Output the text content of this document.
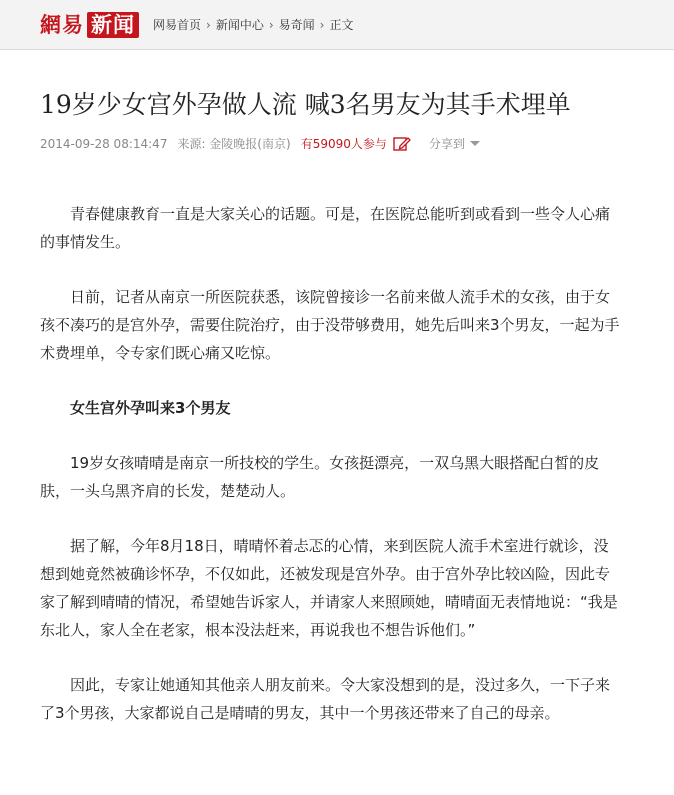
網易 新闻	网易首页 › 新闻中心 › 易奇闻 › 正文
19岁少女宫外孕做人流 喊3名男友为其手术埋单
2014-09-28 08:14:47 来源: 金陵晚报(南京) 有59090人参与	分享到

青春健康教育一直是大家关心的话题。可是，在医院总能听到或看到一些令人心痛的事情发生。

日前，记者从南京一所医院获悉，该院曾接诊一名前来做人流手术的女孩，由于女孩不凑巧的是宫外孕，需要住院治疗，由于没带够费用，她先后叫来3个男友，一起为手术费埋单，令专家们既心痛又吃惊。

女生宫外孕叫来3个男友

19岁女孩晴晴是南京一所技校的学生。女孩挺漂亮，一双乌黑大眼搭配白皙的皮肤，一头乌黑齐肩的长发，楚楚动人。

据了解，今年8月18日，晴晴怀着忐忑的心情，来到医院人流手术室进行就诊，没想到她竟然被确诊怀孕，不仅如此，还被发现是宫外孕。由于宫外孕比较凶险，因此专家了解到晴晴的情况，希望她告诉家人，并请家人来照顾她，晴晴面无表情地说：“我是东北人，家人全在老家，根本没法赶来，再说我也不想告诉他们。”

因此，专家让她通知其他亲人朋友前来。令大家没想到的是，没过多久，一下子来了3个男孩，大家都说自己是晴晴的男友，其中一个男孩还带来了自己的母亲。
